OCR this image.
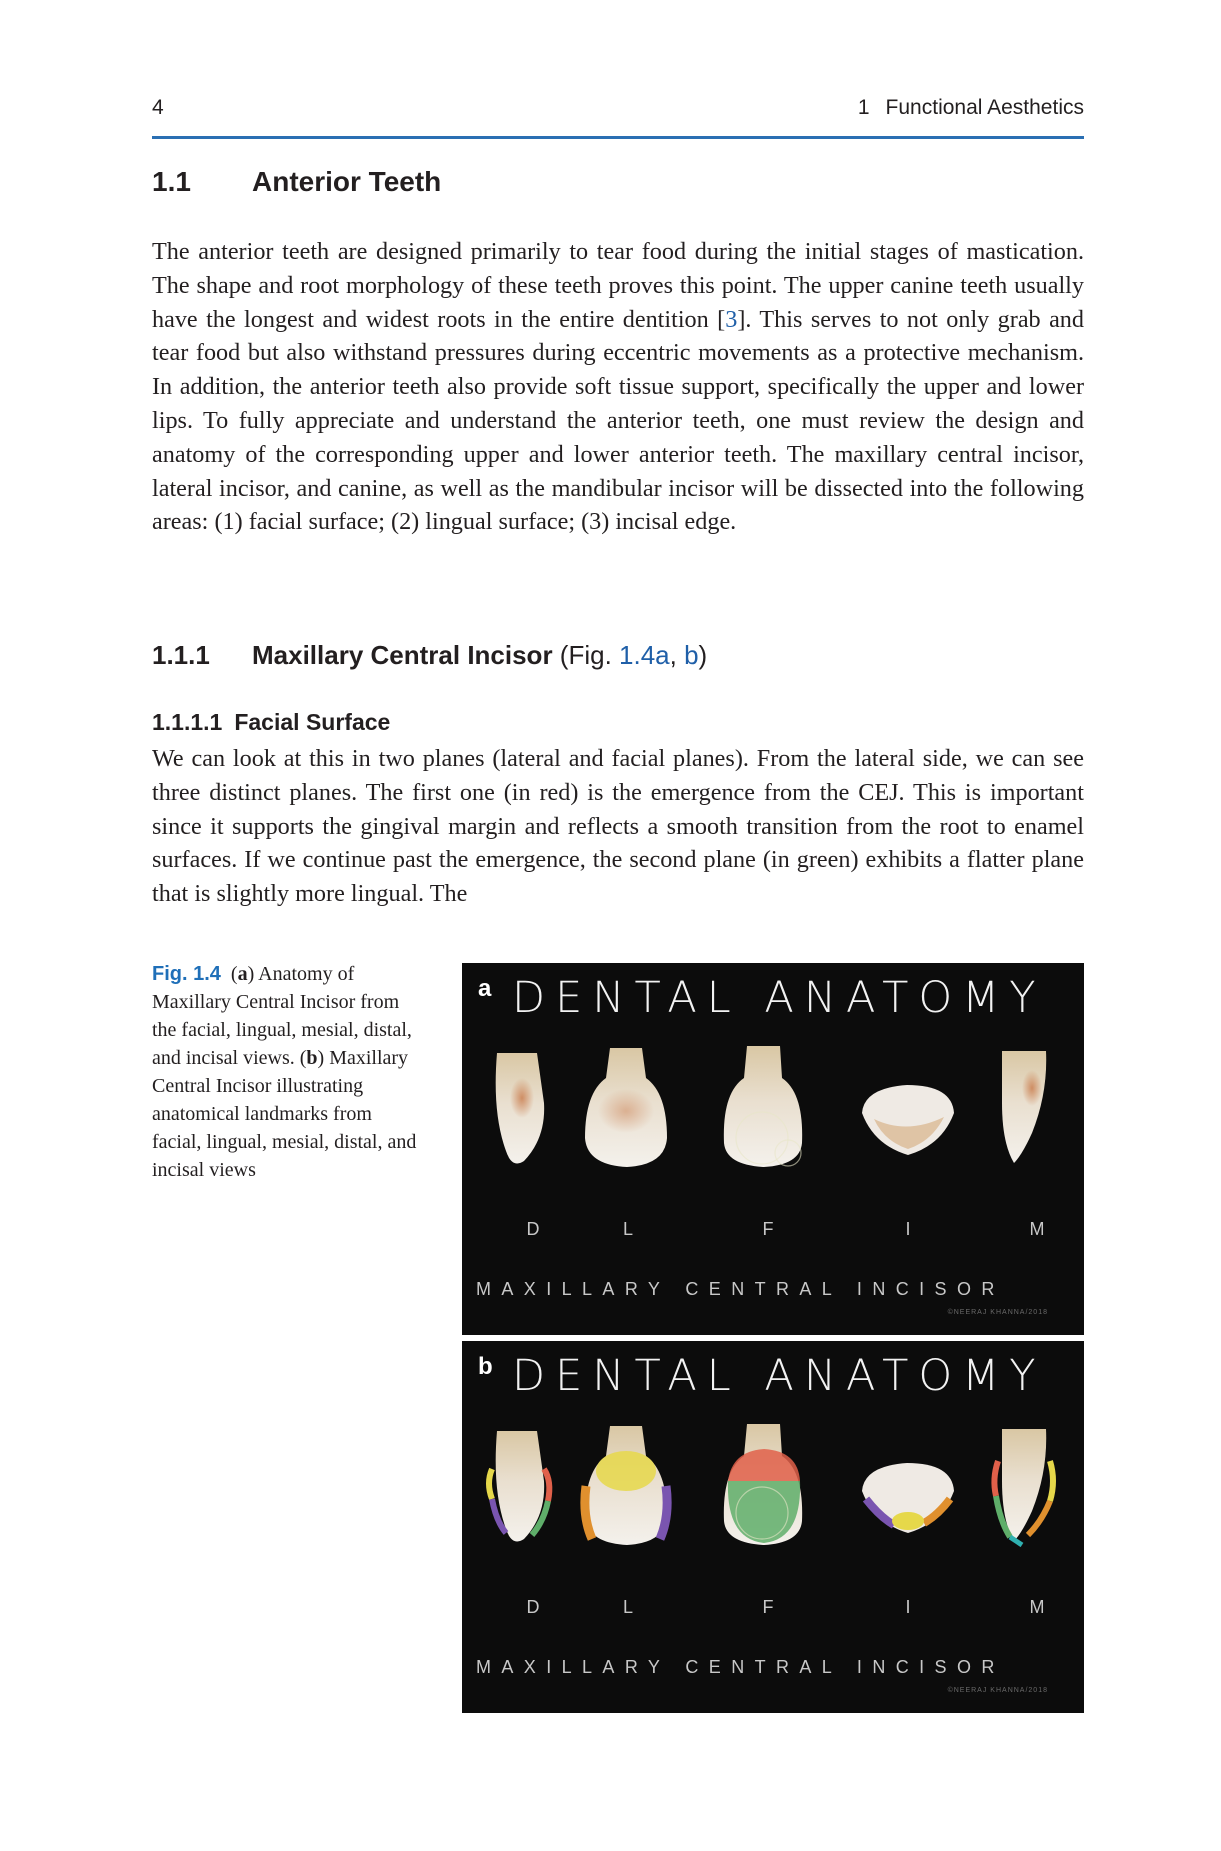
4	1 Functional Aesthetics
1.1 Anterior Teeth

The anterior teeth are designed primarily to tear food during the initial stages of mastication. The shape and root morphology of these teeth proves this point. The upper canine teeth usually have the longest and widest roots in the entire dentition [3]. This serves to not only grab and tear food but also withstand pressures during eccentric movements as a protective mechanism. In addition, the anterior teeth also provide soft tissue support, specifically the upper and lower lips. To fully appreciate and understand the anterior teeth, one must review the design and anatomy of the corresponding upper and lower anterior teeth. The maxillary central incisor, lateral incisor, and canine, as well as the mandibular incisor will be dissected into the following areas: (1) facial surface; (2) lingual surface; (3) incisal edge.

1.1.1 Maxillary Central Incisor (Fig. 1.4a, b)
1.1.1.1 Facial Surface

We can look at this in two planes (lateral and facial planes). From the lateral side, we can see three distinct planes. The first one (in red) is the emergence from the CEJ. This is important since it supports the gingival margin and reflects a smooth transition from the root to enamel surfaces. If we continue past the emergence, the second plane (in green) exhibits a flatter plane that is slightly more lingual. The

Fig. 1.4 (a) Anatomy of Maxillary Central Incisor from the facial, lingual, mesial, distal, and incisal views. (b) Maxillary Central Incisor illustrating anatomical landmarks from facial, lingual, mesial, distal, and incisal views
a DENTAL ANATOMY
D	L	F	I	M
MAXILLARY CENTRAL INCISOR
©NEERAJ KHANNA/2018
b DENTAL ANATOMY
D	L	F	I	M
MAXILLARY CENTRAL INCISOR
©NEERAJ KHANNA/2018
